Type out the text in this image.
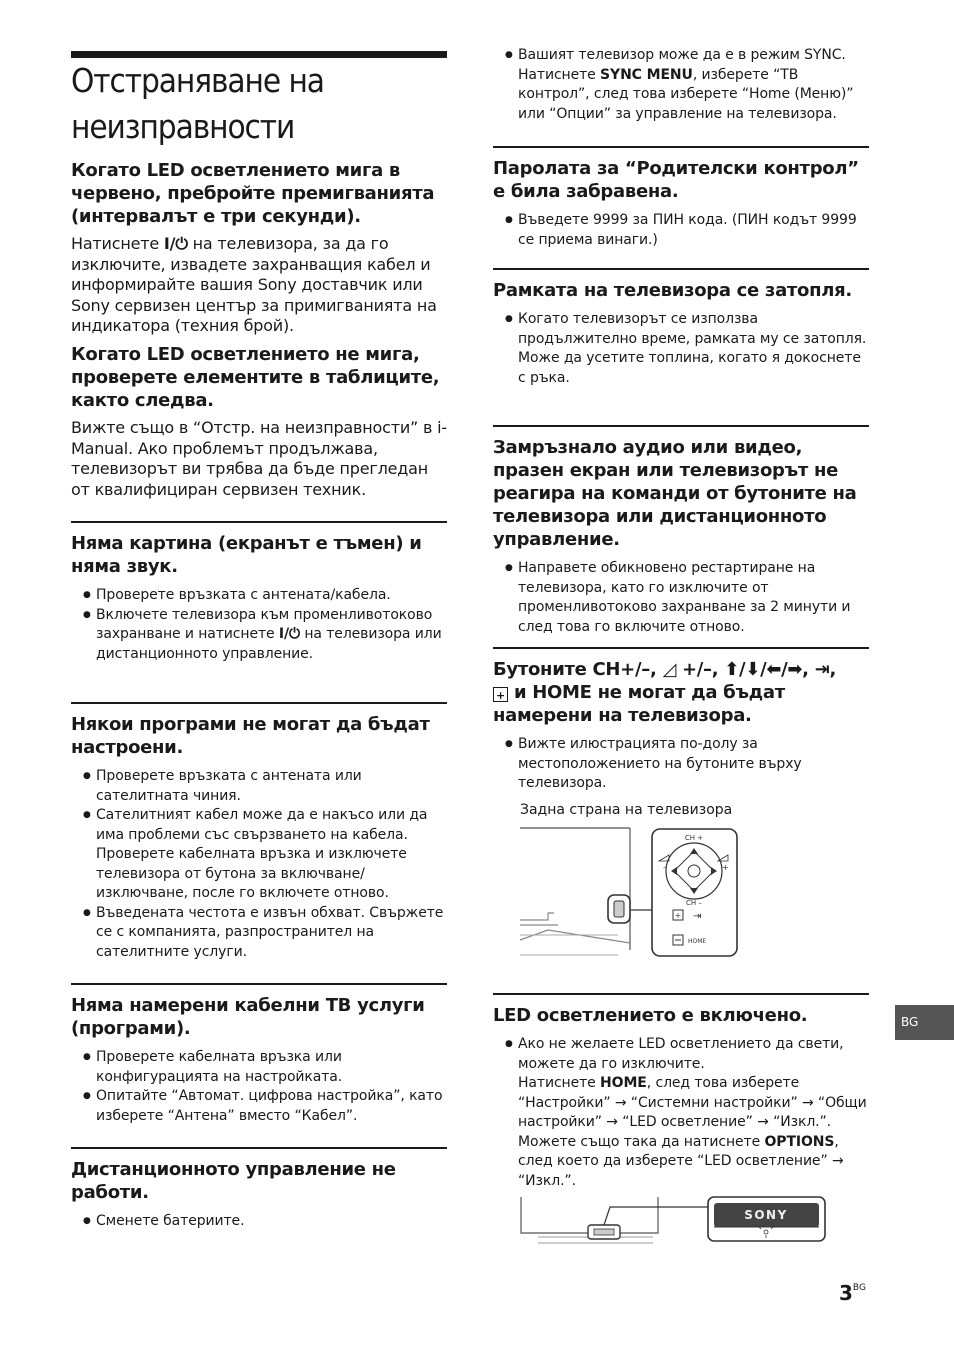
Отстраняване на
неизправности
Когато LED осветлението мига в червено, пребройте премигванията (интервалът е три секунди).
Натиснете I/⏻ на телевизора, за да го изключите, извадете захранващия кабел и информирайте вашия Sony доставчик или Sony сервизен център за примигванията на индикатора (техния брой).
Когато LED осветлението не мига, проверете елементите в таблиците, както следва.
Вижте също в “Отстр. на неизправности” в i-Manual. Ако проблемът продължава, телевизорът ви трябва да бъде прегледан от квалифициран сервизен техник.
Няма картина (екранът е тъмен) и няма звук.
● Проверете връзката с антената/кабела.
● Включете телевизора към променливотоково захранване и натиснете I/⏻ на телевизора или дистанционното управление.
Някои програми не могат да бъдат настроени.
● Проверете връзката с антената или сателитната чиния.
● Сателитният кабел може да е накъсо или да има проблеми със свързването на кабела. Проверете кабелната връзка и изключете телевизора от бутона за включване/изключване, после го включете отново.
● Въведената честота е извън обхват. Свържете се с компанията, разпространител на сателитните услуги.
Няма намерени кабелни ТВ услуги (програми).
● Проверете кабелната връзка или конфигурацията на настройката.
● Опитайте “Автомат. цифрова настройка”, като изберете “Антена” вместо “Кабел”.
Дистанционното управление не работи.
● Сменете батериите.
● Вашият телевизор може да е в режим SYNC. Натиснете SYNC MENU, изберете “ТВ контрол”, след това изберете “Home (Меню)” или “Опции” за управление на телевизора.
Паролата за “Родителски контрол” е била забравена.
● Въведете 9999 за ПИН кода. (ПИН кодът 9999 се приема винаги.)
Рамката на телевизора се затопля.
● Когато телевизорът се използва продължително време, рамката му се затопля.
Може да усетите топлина, когато я докоснете с ръка.
Замръзнало аудио или видео, празен екран или телевизорът не реагира на команди от бутоните на телевизора или дистанционното управление.
● Направете обикновено рестартиране на телевизора, като го изключите от променливотоково захранване за 2 минути и след това го включите отново.
Бутоните CH+/–, ◿ +/–, ⬆/⬇/⬅/➡, ⇥,
+ и HOME не могат да бъдат
намерени на телевизора.
● Вижте илюстрацията по-долу за местоположението на бутоните върху телевизора.
Задна страна на телевизора
CH +
CH –
–	+
+ ⇥
HOME
LED осветлението е включено.
● Ако не желаете LED осветлението да свети, можете да го изключите.
Натиснете HOME, след това изберете “Настройки” → “Системни настройки” → “Общи настройки” → “LED осветление” → “Изкл.”. Можете също така да натиснете OPTIONS, след което да изберете “LED осветление” → “Изкл.”.
SONY
BG
$3^{BG}$
